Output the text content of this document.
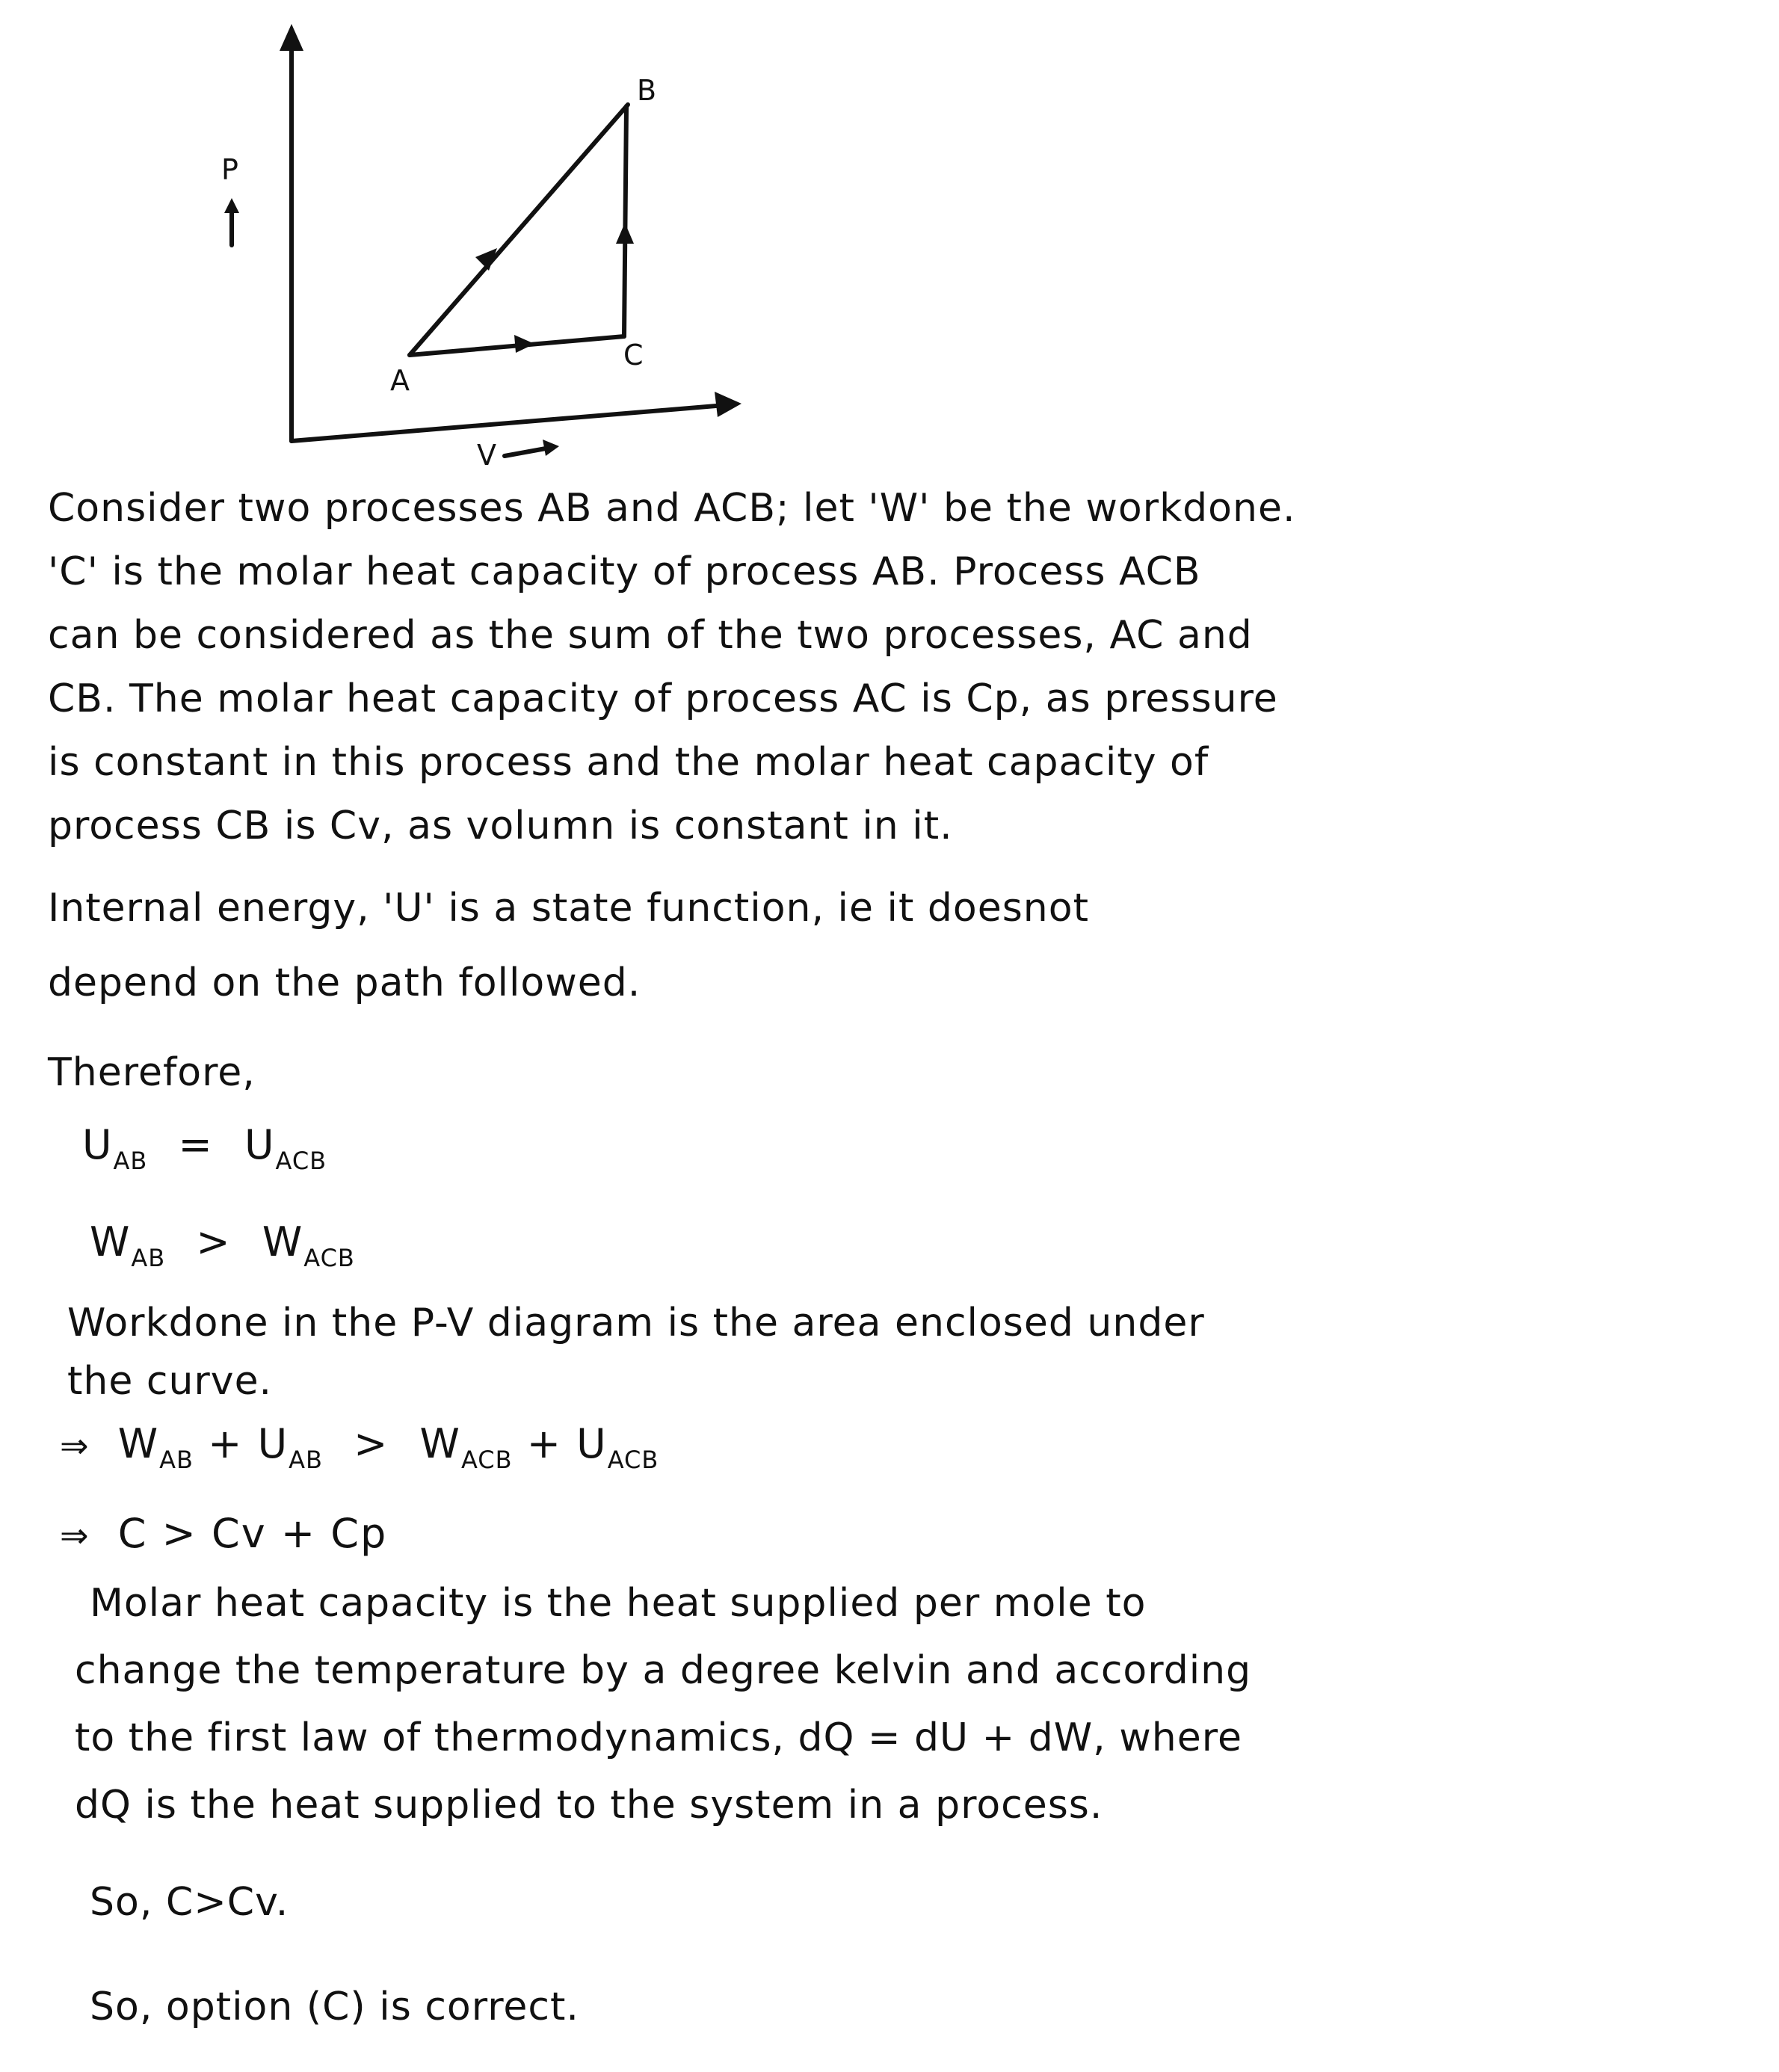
P
V
A
B
C
Consider two processes AB and ACB; let 'W' be the workdone.
'C' is the molar heat capacity of process AB. Process ACB
can be considered as the sum of the two processes, AC and
CB. The molar heat capacity of process AC is Cp, as pressure
is constant in this process and the molar heat capacity of
process CB is Cv, as volumn is constant in it.
Internal energy, 'U' is a state function, ie it doesnot
depend on the path followed.
Therefore,
$U_{AB} = U_{ACB}$
$W_{AB} > W_{ACB}$
Workdone in the P-V diagram is the area enclosed under
the curve.
⇒ $W_{AB} + U_{AB} > W_{ACB} + U_{ACB}$
⇒ C > Cv + Cp
Molar heat capacity is the heat supplied per mole to
change the temperature by a degree kelvin and according
to the first law of thermodynamics, dQ = dU + dW, where
dQ is the heat supplied to the system in a process.
So, C>Cv.
So, option (C) is correct.
